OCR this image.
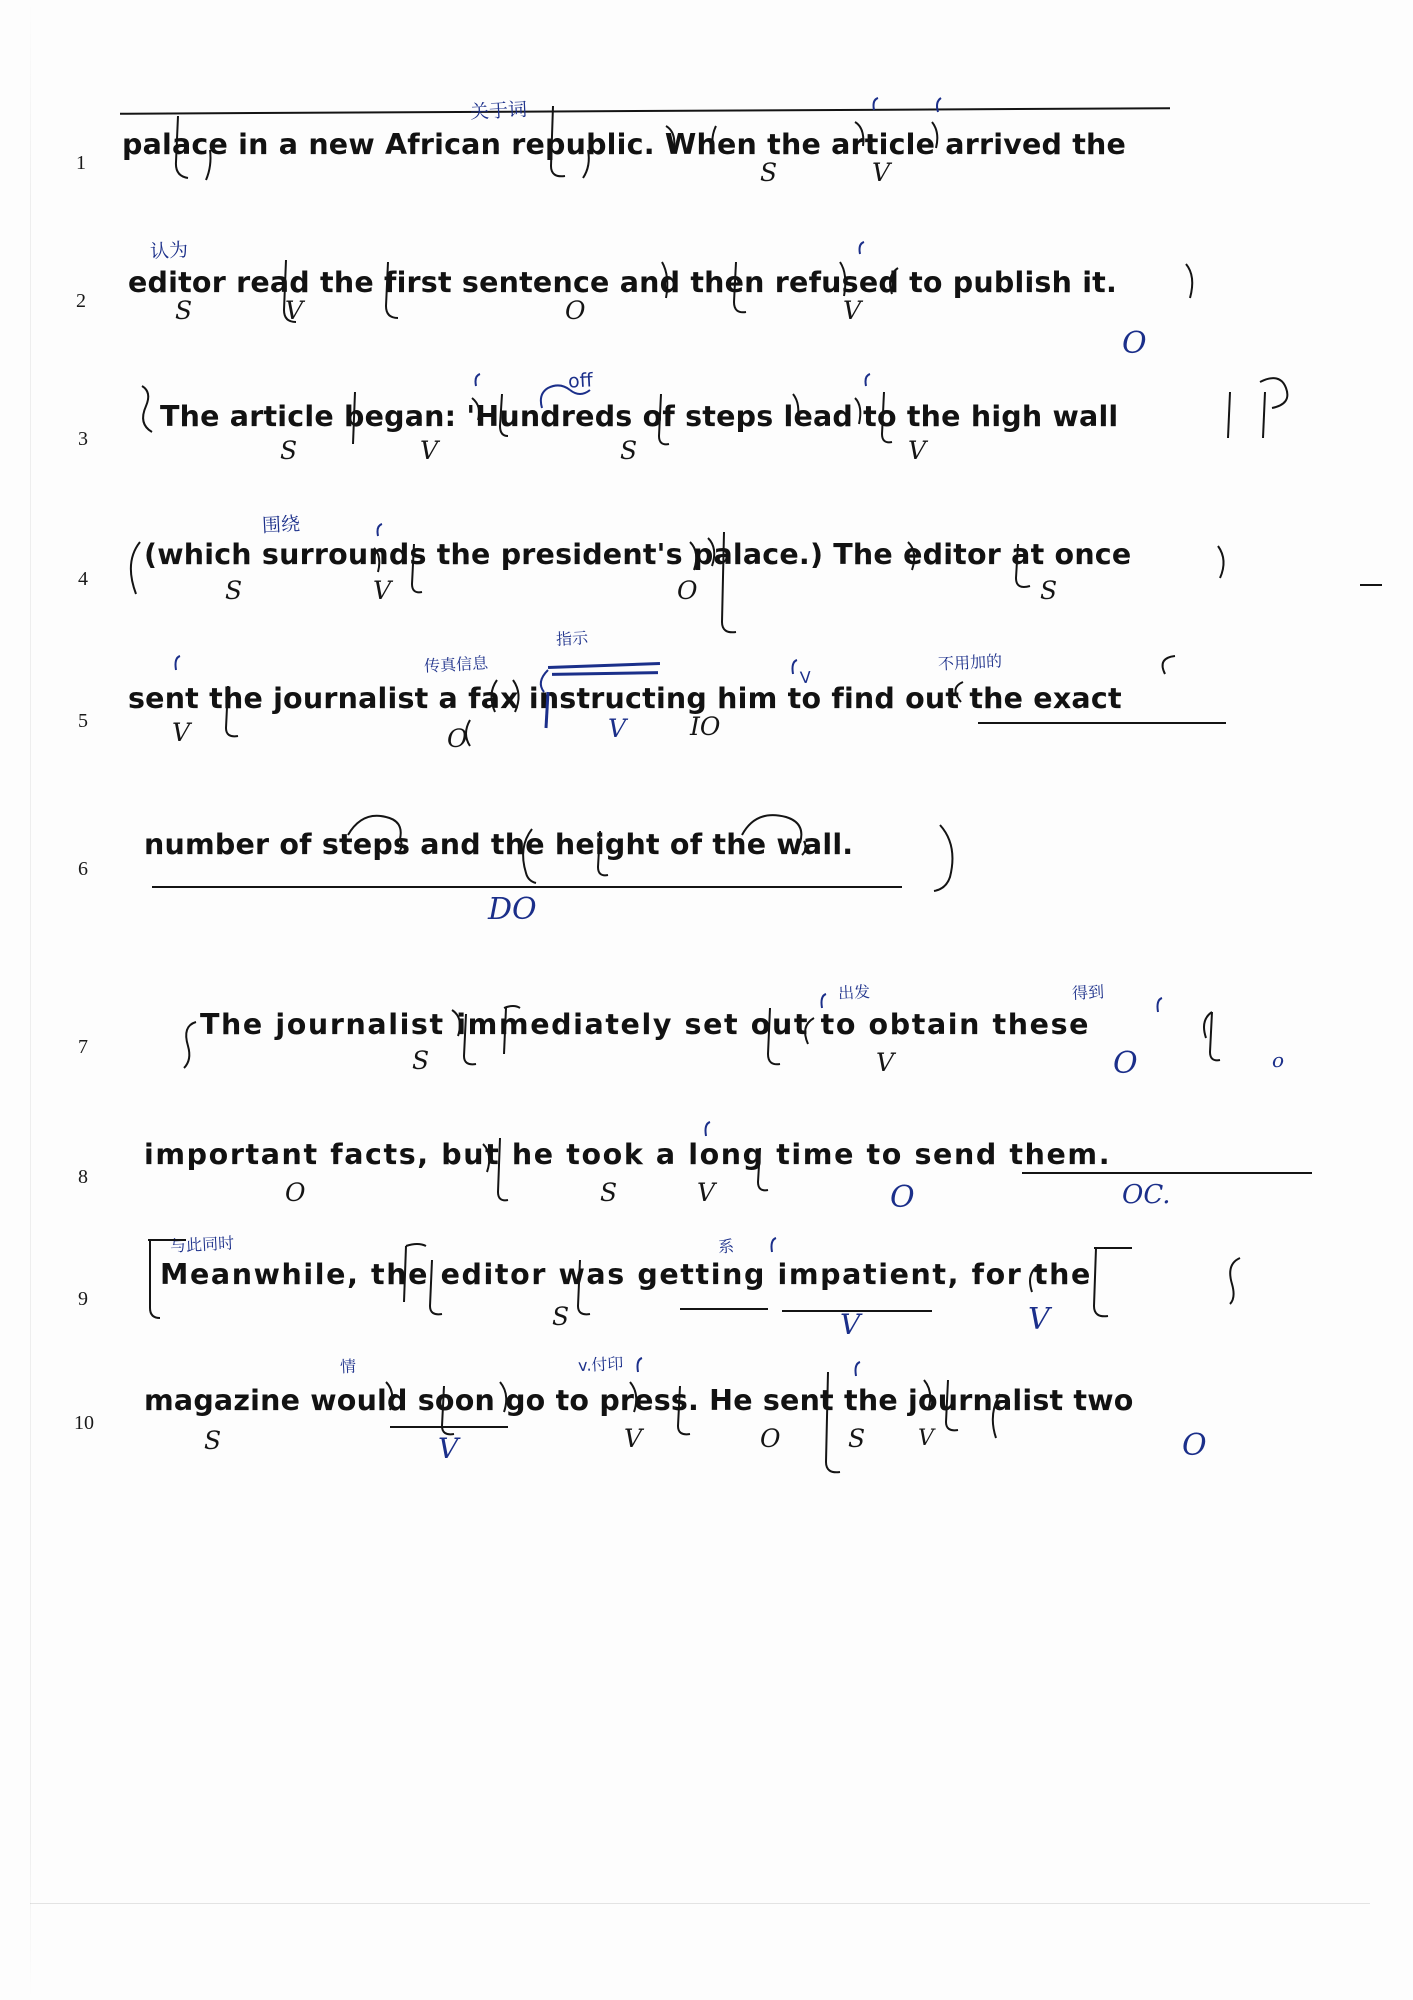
1
palace in a new African republic. When the article arrived the
关于词
S	V
2
editor read the first sentence and then refused to publish it.
认为
S	V	O	V
O
3
The article began: 'Hundreds of steps lead to the high wall
off
S	V	S	V
4
(which surrounds the president's palace.) The editor at once
围绕
S	V	O	S
5
sent the journalist a fax instructing him to find out the exact
传真信息
指示
不用加的
V
V	O	V	IO
6
number of steps and the height of the wall.
DO
7
The journalist immediately set out to obtain these
出发	得到
S	V	O	o
8
important facts, but he took a long time to send them.
O	S	V	O	OC.
9
Meanwhile, the editor was getting impatient, for the
与此同时	系
S	V	V
10
magazine would soon go to press. He sent the journalist two
情	v.付印
S	V	V	O	S V	O
